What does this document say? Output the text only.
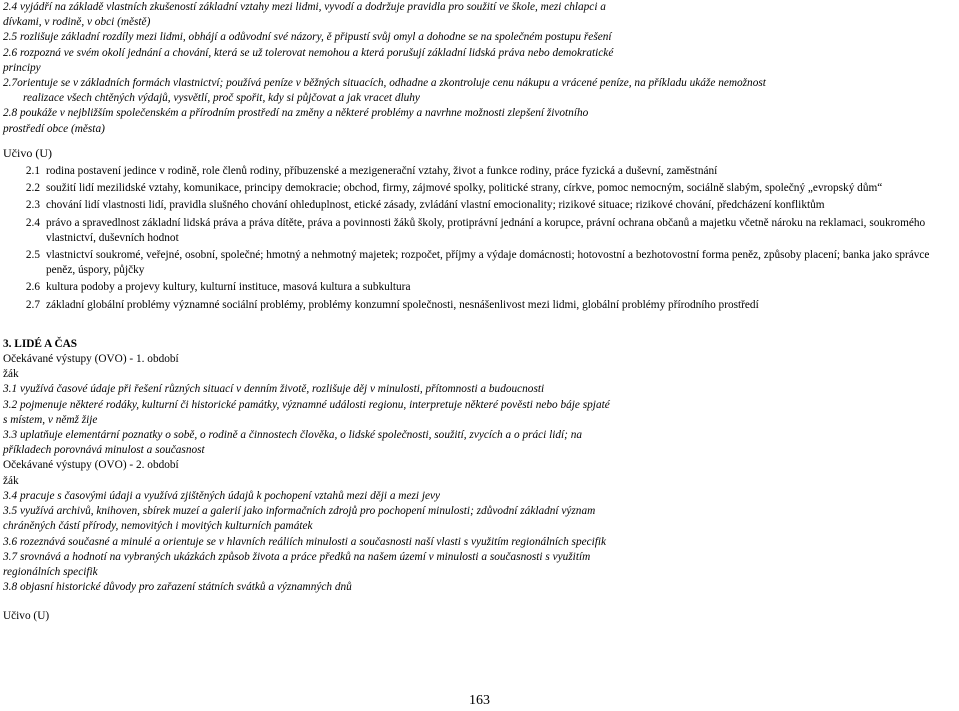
2.4 vyjádří na základě vlastních zkušeností základní vztahy mezi lidmi, vyvodí a dodržuje pravidla pro soužití ve škole, mezi chlapci a
dívkami, v rodině, v obci (městě)
2.5 rozlišuje základní rozdíly mezi lidmi, obhájí a odůvodní své názory, ě připustí svůj omyl a dohodne se na společném postupu řešení
2.6 rozpozná ve svém okolí jednání a chování, která se už tolerovat nemohou a která porušují základní lidská práva nebo demokratické
principy
2.7orientuje se v základních formách vlastnictví; používá peníze v běžných situacích, odhadne a zkontroluje cenu nákupu a vrácené peníze, na příkladu ukáže nemožnost
realizace všech chtěných výdajů, vysvětlí, proč spořit, kdy si půjčovat a jak vracet dluhy
2.8 poukáže v nejbližším společenském a přírodním prostředí na změny a některé problémy a navrhne možnosti zlepšení životního
prostředí obce (města)
Učivo (U)
2.1 rodina postavení jedince v rodině, role členů rodiny, příbuzenské a mezigenerační vztahy, život a funkce rodiny, práce fyzická a duševní, zaměstnání
2.2 soužití lidí mezilidské vztahy, komunikace, principy demokracie; obchod, firmy, zájmové spolky, politické strany, církve, pomoc nemocným, sociálně slabým, společný „evropský dům“
2.3 chování lidí vlastnosti lidí, pravidla slušného chování ohleduplnost, etické zásady, zvládání vlastní emocionality; rizikové situace; rizikové chování, předcházení konfliktům
2.4 právo a spravedlnost základní lidská práva a práva dítěte, práva a povinnosti žáků školy, protiprávní jednání a korupce, právní ochrana občanů a majetku včetně nároku na reklamaci, soukromého vlastnictví, duševních hodnot
2.5 vlastnictví soukromé, veřejné, osobní, společné; hmotný a nehmotný majetek; rozpočet, příjmy a výdaje domácnosti; hotovostní a bezhotovostní forma peněz, způsoby placení; banka jako správce peněz, úspory, půjčky
2.6 kultura podoby a projevy kultury, kulturní instituce, masová kultura a subkultura
2.7 základní globální problémy významné sociální problémy, problémy konzumní společnosti, nesnášenlivost mezi lidmi, globální problémy přírodního prostředí
3. LIDÉ A ČAS
Očekávané výstupy (OVO) - 1. období
žák
3.1 využívá časové údaje při řešení různých situací v denním životě, rozlišuje děj v minulosti, přítomnosti a budoucnosti
3.2 pojmenuje některé rodáky, kulturní či historické památky, významné události regionu, interpretuje některé pověsti nebo báje spjaté
s místem, v němž žije
3.3 uplatňuje elementární poznatky o sobě, o rodině a činnostech člověka, o lidské společnosti, soužití, zvycích a o práci lidí; na
příkladech porovnává minulost a současnost
Očekávané výstupy (OVO) - 2. období
žák
3.4 pracuje s časovými údaji a využívá zjištěných údajů k pochopení vztahů mezi ději a mezi jevy
3.5 využívá archivů, knihoven, sbírek muzeí a galerií jako informačních zdrojů pro pochopení minulosti; zdůvodní základní význam
chráněných částí přírody, nemovitých i movitých kulturních památek
3.6 rozeznává současné a minulé a orientuje se v hlavních reáliích minulosti a současnosti naší vlasti s využitím regionálních specifik
3.7 srovnává a hodnotí na vybraných ukázkách způsob života a práce předků na našem území v minulosti a současnosti s využitím
regionálních specifik
3.8 objasní historické důvody pro zařazení státních svátků a významných dnů
Učivo (U)
163
